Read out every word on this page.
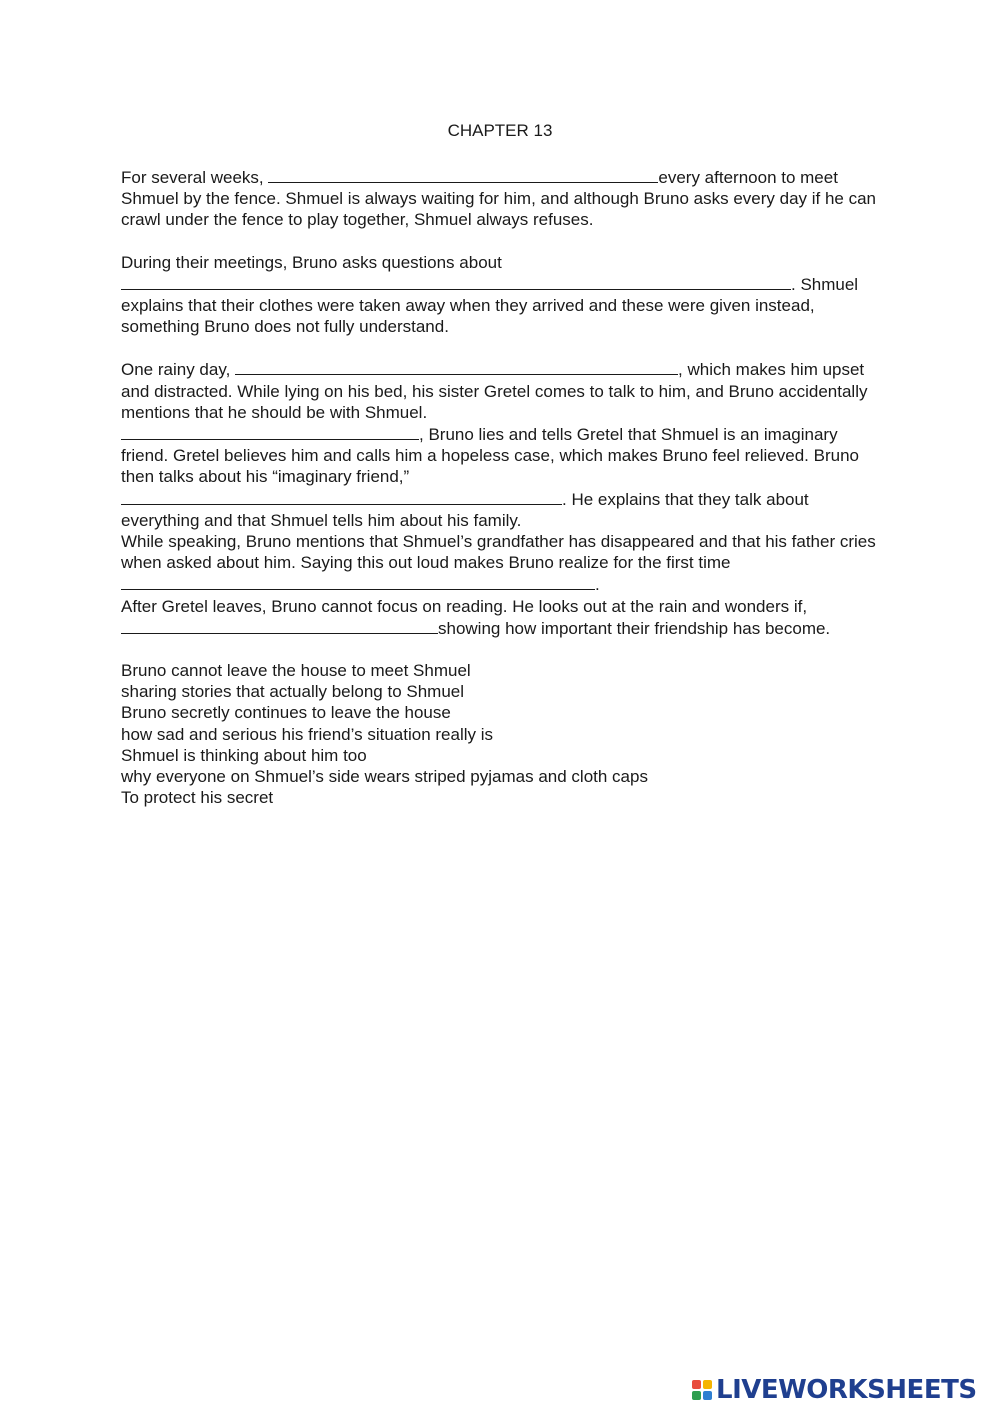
CHAPTER 13

For several weeks,	every afternoon to meet Shmuel by the fence. Shmuel is always waiting for him, and although Bruno asks every day if he can crawl under the fence to play together, Shmuel always refuses.

During their meetings, Bruno asks questions about
. Shmuel explains that their clothes were taken away when they arrived and these were given instead, something Bruno does not fully understand.

One rainy day,	, which makes him upset and distracted. While lying on his bed, his sister Gretel comes to talk to him, and Bruno accidentally mentions that he should be with Shmuel.
, Bruno lies and tells Gretel that Shmuel is an imaginary friend. Gretel believes him and calls him a hopeless case, which makes Bruno feel relieved. Bruno then talks about his “imaginary friend,”
. He explains that they talk about everything and that Shmuel tells him about his family.
While speaking, Bruno mentions that Shmuel’s grandfather has disappeared and that his father cries when asked about him. Saying this out loud makes Bruno realize for the first time .
After Gretel leaves, Bruno cannot focus on reading. He looks out at the rain and wonders if,
showing how important their friendship has become.

Bruno cannot leave the house to meet Shmuel
sharing stories that actually belong to Shmuel
Bruno secretly continues to leave the house
how sad and serious his friend’s situation really is
Shmuel is thinking about him too
why everyone on Shmuel’s side wears striped pyjamas and cloth caps
To protect his secret
LIVEWORKSHEETS
